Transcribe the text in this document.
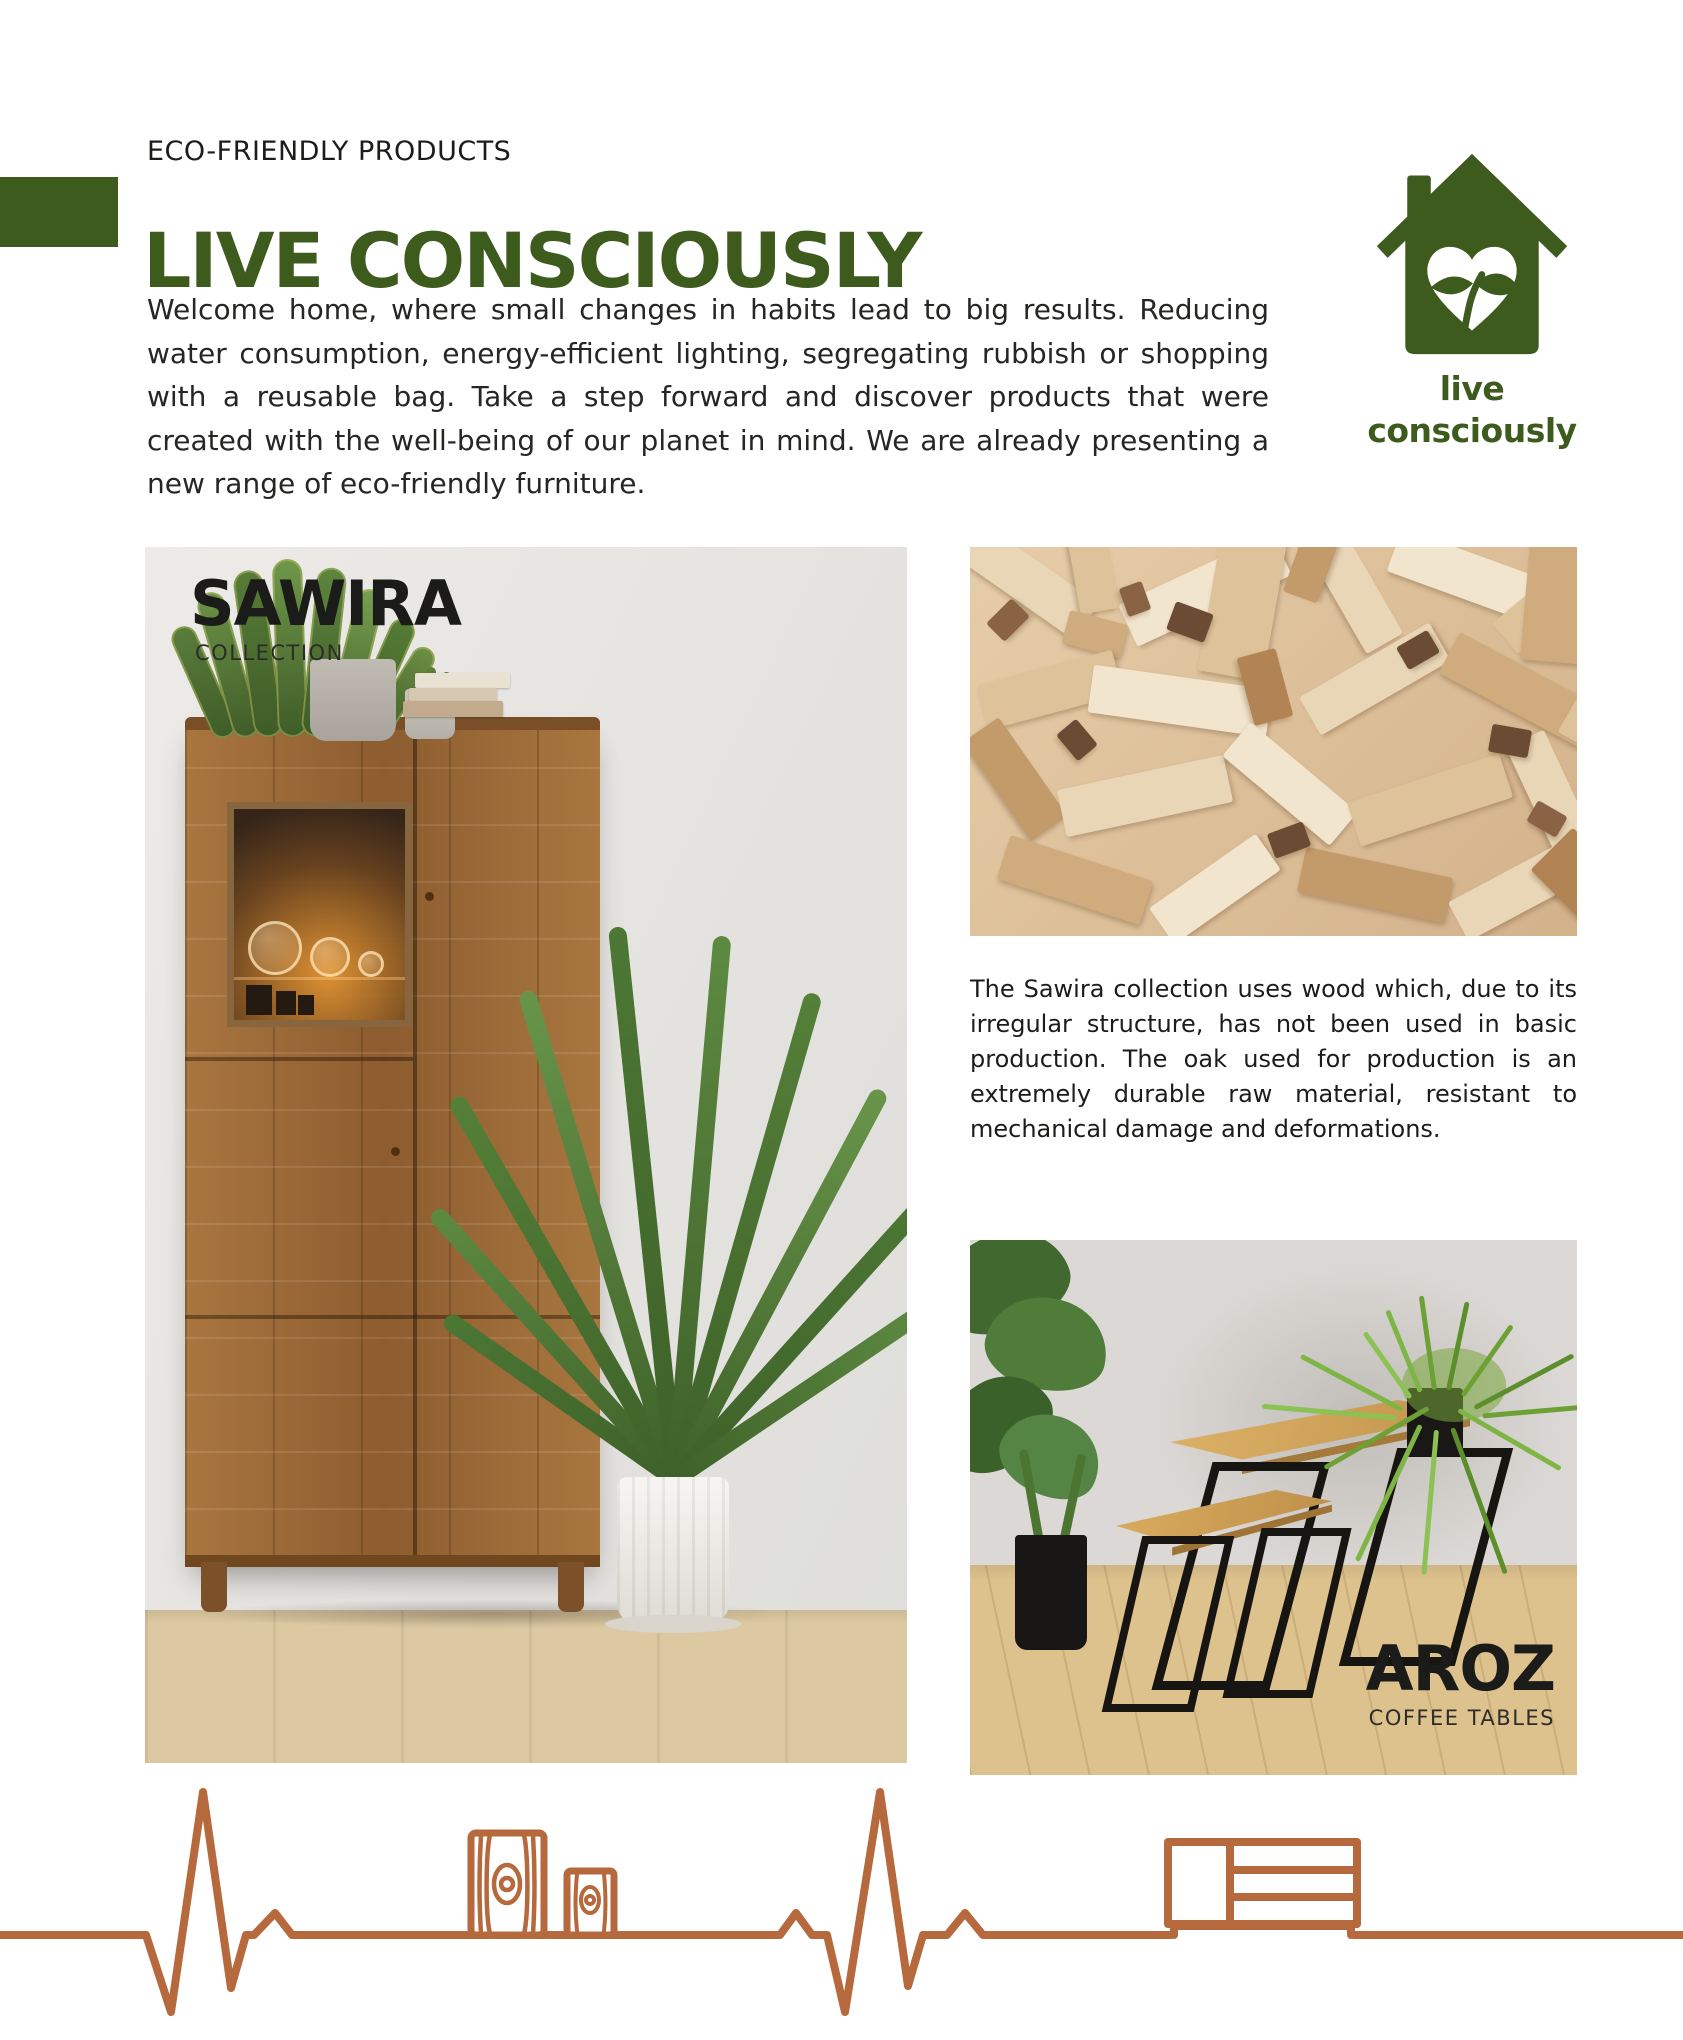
ECO-FRIENDLY PRODUCTS
LIVE CONSCIOUSLY

Welcome home, where small changes in habits lead to big results. Reducing water consumption, energy-efficient lighting, segregating rubbish or shopping with a reusable bag. Take a step forward and discover products that were created with the well-being of our planet in mind. We are already presenting a new range of eco-friendly furniture.

live
consciously
SAWIRA
COLLECTION

The Sawira collection uses wood which, due to its irregular structure, has not been used in basic production. The oak used for production is an extremely durable raw material, resistant to mechanical damage and deformations.

AROZ
COFFEE TABLES
